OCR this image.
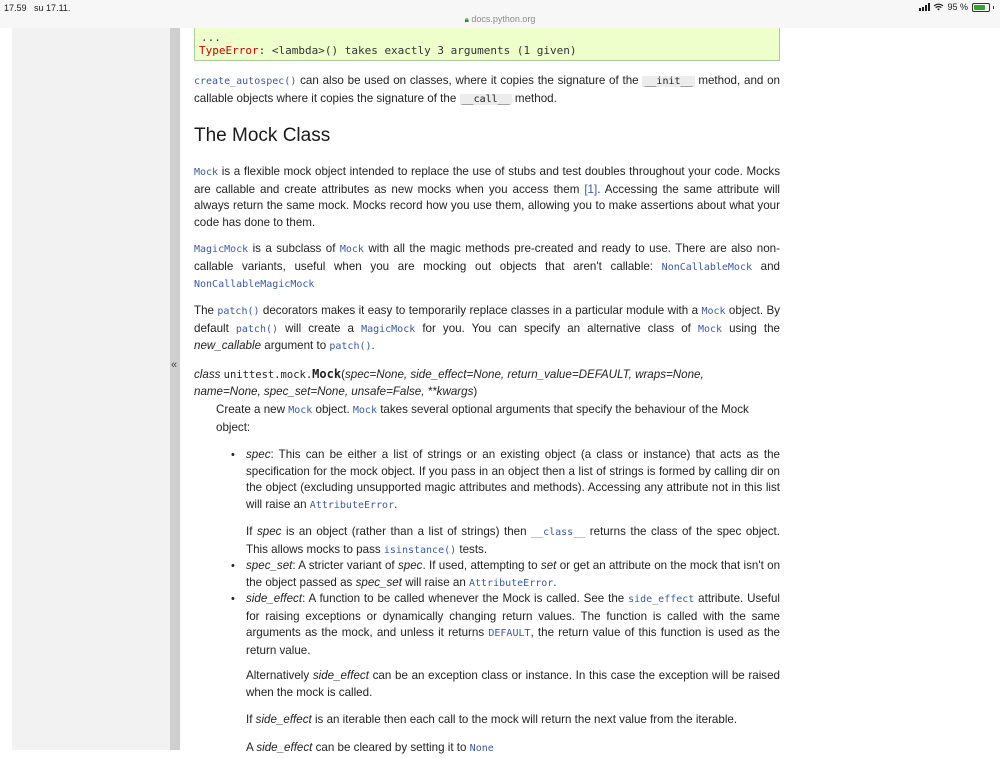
17.59 su 17.11.
🔒︎ docs.python.org
95 %
«
...
TypeError: <lambda>() takes exactly 3 arguments (1 given)

create_autospec() can also be used on classes, where it copies the signature of the __init__ method, and on callable objects where it copies the signature of the __call__ method.

The Mock Class

Mock is a flexible mock object intended to replace the use of stubs and test doubles throughout your code. Mocks are callable and create attributes as new mocks when you access them [1]. Accessing the same attribute will always return the same mock. Mocks record how you use them, allowing you to make assertions about what your code has done to them.

MagicMock is a subclass of Mock with all the magic methods pre-created and ready to use. There are also non-callable variants, useful when you are mocking out objects that aren't callable: NonCallableMock and NonCallableMagicMock

The patch() decorators makes it easy to temporarily replace classes in a particular module with a Mock object. By default patch() will create a MagicMock for you. You can specify an alternative class of Mock using the new_callable argument to patch().

class unittest.mock.Mock(spec=None, side_effect=None, return_value=DEFAULT, wraps=None,
name=None, spec_set=None, unsafe=False, **kwargs)

Create a new Mock object. Mock takes several optional arguments that specify the behaviour of the Mock object:

• spec: This can be either a list of strings or an existing object (a class or instance) that acts as the specification for the mock object. If you pass in an object then a list of strings is formed by calling dir on the object (excluding unsupported magic attributes and methods). Accessing any attribute not in this list will raise an AttributeError.

If spec is an object (rather than a list of strings) then __class__ returns the class of the spec object. This allows mocks to pass isinstance() tests.

• spec_set: A stricter variant of spec. If used, attempting to set or get an attribute on the mock that isn't on the object passed as spec_set will raise an AttributeError.

• side_effect: A function to be called whenever the Mock is called. See the side_effect attribute. Useful for raising exceptions or dynamically changing return values. The function is called with the same arguments as the mock, and unless it returns DEFAULT, the return value of this function is used as the return value.

Alternatively side_effect can be an exception class or instance. In this case the exception will be raised when the mock is called.

If side_effect is an iterable then each call to the mock will return the next value from the iterable.

A side_effect can be cleared by setting it to None
